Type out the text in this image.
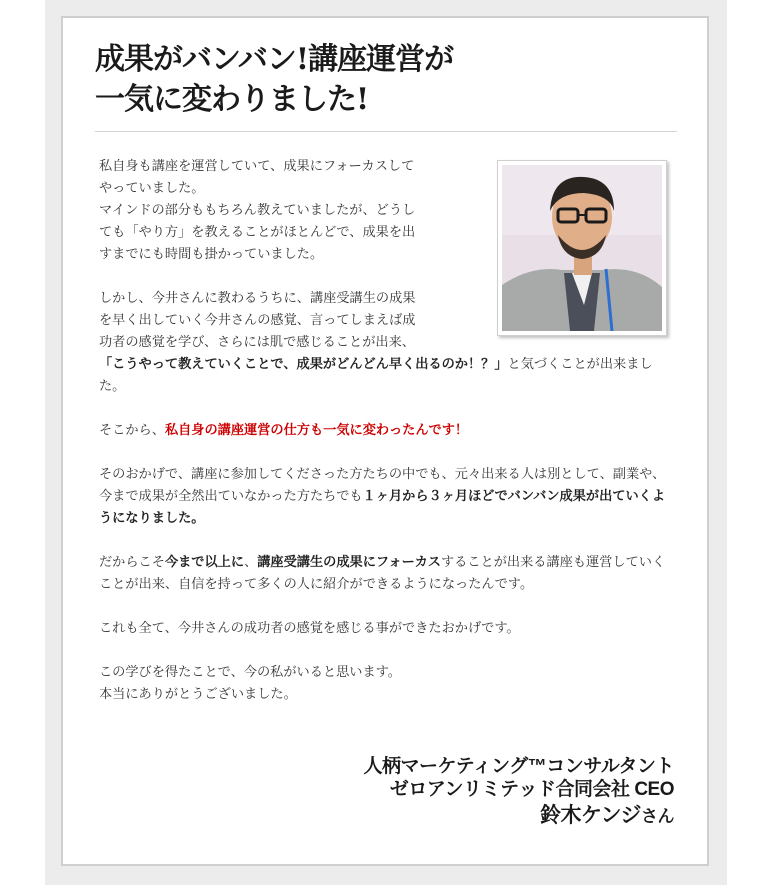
成果がバンバン!講座運営が
一気に変わりました!

私自身も講座を運営していて、成果にフォーカスして
やっていました。
マインドの部分ももちろん教えていましたが、どうし
ても「やり方」を教えることがほとんどで、成果を出
すまでにも時間も掛かっていました。

しかし、今井さんに教わるうちに、講座受講生の成果
を早く出していく今井さんの感覚、言ってしまえば成
功者の感覚を学び、さらには肌で感じることが出来、
「こうやって教えていくことで、成果がどんどん早く出るのか！？」と気づくことが出来ました。

そこから、私自身の講座運営の仕方も一気に変わったんです！

そのおかげで、講座に参加してくださった方たちの中でも、元々出来る人は別として、副業や、今まで成果が全然出ていなかった方たちでも１ヶ月から３ヶ月ほどでバンバン成果が出ていくようになりました。

だからこそ今まで以上に、講座受講生の成果にフォーカスすることが出来る講座も運営していくことが出来、自信を持って多くの人に紹介ができるようになったんです。

これも全て、今井さんの成功者の感覚を感じる事ができたおかげです。

この学びを得たことで、今の私がいると思います。
本当にありがとうございました。

人柄マーケティング™コンサルタント
ゼロアンリミテッド合同会社 CEO
鈴木ケンジさん
